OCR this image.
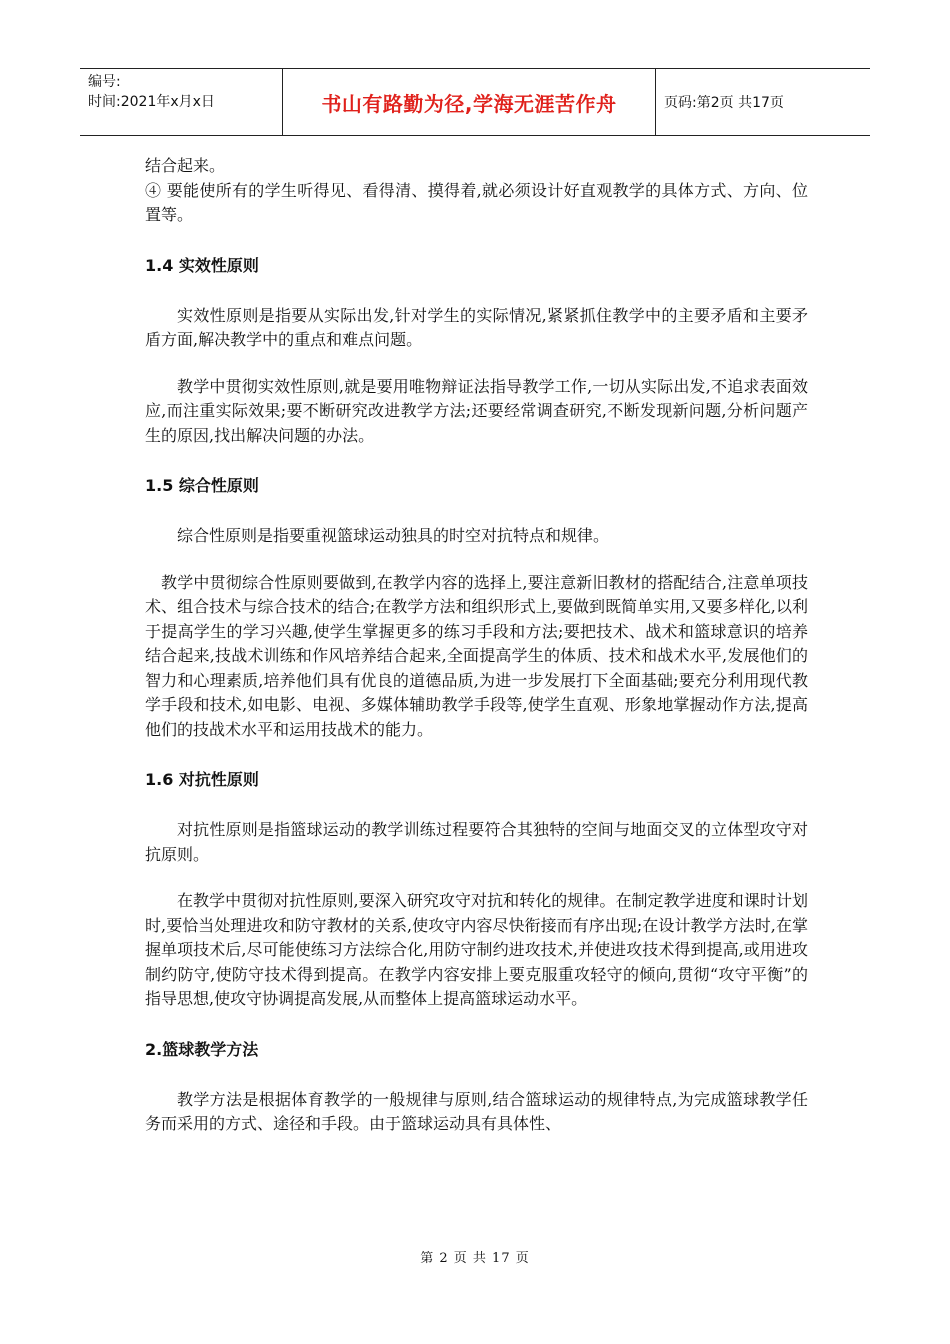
编号:
时间:2021年x月x日	书山有路勤为径,学海无涯苦作舟	页码:第2页 共17页

结合起来。

④ 要能使所有的学生听得见、看得清、摸得着,就必须设计好直观教学的具体方式、方向、位置等。

1.4 实效性原则

实效性原则是指要从实际出发,针对学生的实际情况,紧紧抓住教学中的主要矛盾和主要矛盾方面,解决教学中的重点和难点问题。

教学中贯彻实效性原则,就是要用唯物辩证法指导教学工作,一切从实际出发,不追求表面效应,而注重实际效果;要不断研究改进教学方法;还要经常调查研究,不断发现新问题,分析问题产生的原因,找出解决问题的办法。

1.5 综合性原则

综合性原则是指要重视篮球运动独具的时空对抗特点和规律。

教学中贯彻综合性原则要做到,在教学内容的选择上,要注意新旧教材的搭配结合,注意单项技术、组合技术与综合技术的结合;在教学方法和组织形式上,要做到既简单实用,又要多样化,以利于提高学生的学习兴趣,使学生掌握更多的练习手段和方法;要把技术、战术和篮球意识的培养结合起来,技战术训练和作风培养结合起来,全面提高学生的体质、技术和战术水平,发展他们的智力和心理素质,培养他们具有优良的道德品质,为进一步发展打下全面基础;要充分利用现代教学手段和技术,如电影、电视、多媒体辅助教学手段等,使学生直观、形象地掌握动作方法,提高他们的技战术水平和运用技战术的能力。

1.6 对抗性原则

对抗性原则是指篮球运动的教学训练过程要符合其独特的空间与地面交叉的立体型攻守对抗原则。

在教学中贯彻对抗性原则,要深入研究攻守对抗和转化的规律。在制定教学进度和课时计划时,要恰当处理进攻和防守教材的关系,使攻守内容尽快衔接而有序出现;在设计教学方法时,在掌握单项技术后,尽可能使练习方法综合化,用防守制约进攻技术,并使进攻技术得到提高,或用进攻制约防守,使防守技术得到提高。在教学内容安排上要克服重攻轻守的倾向,贯彻“攻守平衡”的指导思想,使攻守协调提高发展,从而整体上提高篮球运动水平。

2.篮球教学方法

教学方法是根据体育教学的一般规律与原则,结合篮球运动的规律特点,为完成篮球教学任务而采用的方式、途径和手段。由于篮球运动具有具体性、

第 2 页 共 17 页
